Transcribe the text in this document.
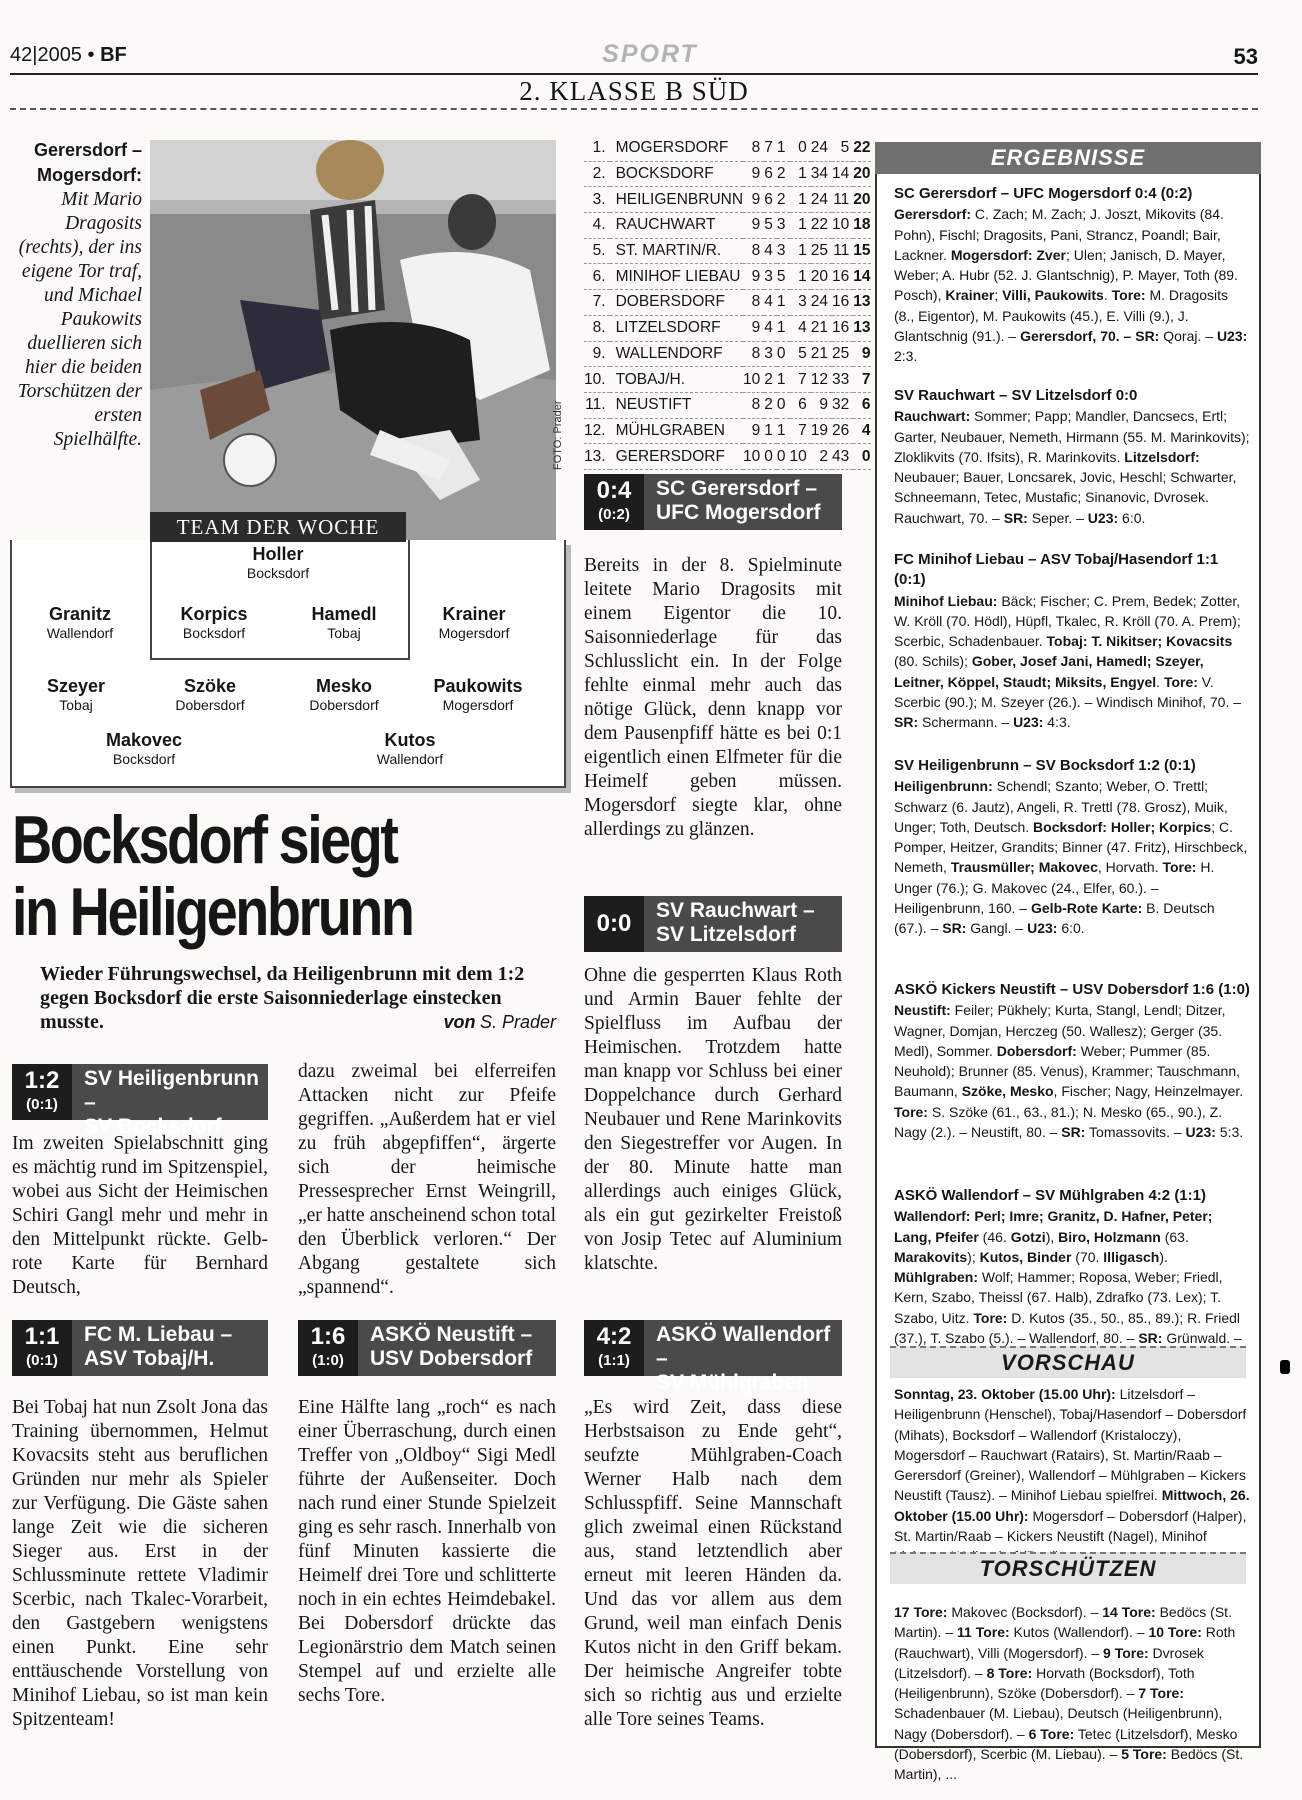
42|2005 • BF	SPORT	53
2. KLASSE B SÜD
Gerersdorf – Mogersdorf: Mit Mario Dragosits (rechts), der ins eigene Tor traf, und Michael Paukowits duellieren sich hier die beiden Torschützen der ersten Spielhälfte.	FOTO: Prader
TEAM DER WOCHE
Holler
Bocksdorf
Granitz
Wallendorf
Korpics
Bocksdorf
Hamedl
Tobaj
Krainer
Mogersdorf
Szeyer
Tobaj
Szöke
Dobersdorf
Mesko
Dobersdorf
Paukowits
Mogersdorf
Makovec
Bocksdorf
Kutos
Wallendorf
Bocksdorf siegt
in Heiligenbrunn
Wieder Führungswechsel, da Heiligenbrunn mit dem 1:2 gegen Bocksdorf die erste Saisonniederlage einstecken musste.	von S. Prader
1:2
(0:1)
SV Heiligenbrunn –
SV Bocksdorf
Im zweiten Spielabschnitt ging es mächtig rund im Spitzenspiel, wobei aus Sicht der Heimischen Schiri Gangl mehr und mehr in den Mittelpunkt rückte. Gelb-rote Karte für Bernhard Deutsch,
dazu zweimal bei elferreifen Attacken nicht zur Pfeife gegriffen. „Außerdem hat er viel zu früh abgepfiffen“, ärgerte sich der heimische Pressesprecher Ernst Weingrill, „er hatte anscheinend schon total den Überblick verloren.“ Der Abgang gestaltete sich „spannend“.
1:1
(0:1)
FC M. Liebau –
ASV Tobaj/H.
Bei Tobaj hat nun Zsolt Jona das Training übernommen, Helmut Kovacsits steht aus beruflichen Gründen nur mehr als Spieler zur Verfügung. Die Gäste sahen lange Zeit wie die sicheren Sieger aus. Erst in der Schlussminute rettete Vladimir Scerbic, nach Tkalec-Vorarbeit, den Gastgebern wenigstens einen Punkt. Eine sehr enttäuschende Vorstellung von Minihof Liebau, so ist man kein Spitzenteam!
1:6
(1:0)
ASKÖ Neustift –
USV Dobersdorf
Eine Hälfte lang „roch“ es nach einer Überraschung, durch einen Treffer von „Oldboy“ Sigi Medl führte der Außenseiter. Doch nach rund einer Stunde Spielzeit ging es sehr rasch. Innerhalb von fünf Minuten kassierte die Heimelf drei Tore und schlitterte noch in ein echtes Heimdebakel. Bei Dobersdorf drückte das Legionärstrio dem Match seinen Stempel auf und erzielte alle sechs Tore.
1.	MOGERSDORF	8	7	1	0	24	5	22
2.	BOCKSDORF	9	6	2	1	34	14	20
3.	HEILIGENBRUNN	9	6	2	1	24	11	20
4.	RAUCHWART	9	5	3	1	22	10	18
5.	ST. MARTIN/R.	8	4	3	1	25	11	15
6.	MINIHOF LIEBAU	9	3	5	1	20	16	14
7.	DOBERSDORF	8	4	1	3	24	16	13
8.	LITZELSDORF	9	4	1	4	21	16	13
9.	WALLENDORF	8	3	0	5	21	25	9
10.	TOBAJ/H.	10	2	1	7	12	33	7
11.	NEUSTIFT	8	2	0	6	9	32	6
12.	MÜHLGRABEN	9	1	1	7	19	26	4
13.	GERERSDORF	10	0	0	10	2	43	0
0:4
(0:2)
SC Gerersdorf –
UFC Mogersdorf
Bereits in der 8. Spielminute leitete Mario Dragosits mit einem Eigentor die 10. Saisonniederlage für das Schlusslicht ein. In der Folge fehlte einmal mehr auch das nötige Glück, denn knapp vor dem Pausenpfiff hätte es bei 0:1 eigentlich einen Elfmeter für die Heimelf geben müssen. Mogersdorf siegte klar, ohne allerdings zu glänzen.
0:0	SV Rauchwart –
SV Litzelsdorf
Ohne die gesperrten Klaus Roth und Armin Bauer fehlte der Spielfluss im Aufbau der Heimischen. Trotzdem hatte man knapp vor Schluss bei einer Doppelchance durch Gerhard Neubauer und Rene Marinkovits den Siegestreffer vor Augen. In der 80. Minute hatte man allerdings auch einiges Glück, als ein gut gezirkelter Freistoß von Josip Tetec auf Aluminium klatschte.
4:2
(1:1)
ASKÖ Wallendorf –
SV Mühlgraben
„Es wird Zeit, dass diese Herbstsaison zu Ende geht“, seufzte Mühlgraben-Coach Werner Halb nach dem Schlusspfiff. Seine Mannschaft glich zweimal einen Rückstand aus, stand letztendlich aber erneut mit leeren Händen da. Und das vor allem aus dem Grund, weil man einfach Denis Kutos nicht in den Griff bekam. Der heimische Angreifer tobte sich so richtig aus und erzielte alle Tore seines Teams.
ERGEBNISSE
SC Gerersdorf – UFC Mogersdorf 0:4 (0:2)
Gerersdorf: C. Zach; M. Zach; J. Joszt, Mikovits (84. Pohn), Fischl; Dragosits, Pani, Strancz, Poandl; Bair, Lackner. Mogersdorf: Zver; Ulen; Janisch, D. Mayer, Weber; A. Hubr (52. J. Glantschnig), P. Mayer, Toth (89. Posch), Krainer; Villi, Paukowits. Tore: M. Dragosits (8., Eigentor), M. Paukowits (45.), E. Villi (9.), J. Glantschnig (91.). – Gerersdorf, 70. – SR: Qoraj. – U23: 2:3.
SV Rauchwart – SV Litzelsdorf 0:0
Rauchwart: Sommer; Papp; Mandler, Dancsecs, Ertl; Garter, Neubauer, Nemeth, Hirmann (55. M. Marinkovits); Zloklikvits (70. Ifsits), R. Marinkovits. Litzelsdorf: Neubauer; Bauer, Loncsarek, Jovic, Heschl; Schwarter, Schneemann, Tetec, Mustafic; Sinanovic, Dvrosek. Rauchwart, 70. – SR: Seper. – U23: 6:0.
FC Minihof Liebau – ASV Tobaj/Hasendorf 1:1 (0:1)
Minihof Liebau: Bäck; Fischer; C. Prem, Bedek; Zotter, W. Kröll (70. Hödl), Hüpfl, Tkalec, R. Kröll (70. A. Prem); Scerbic, Schadenbauer. Tobaj: T. Nikitser; Kovacsits (80. Schils); Gober, Josef Jani, Hamedl; Szeyer, Leitner, Köppel, Staudt; Miksits, Engyel. Tore: V. Scerbic (90.); M. Szeyer (26.). – Windisch Minihof, 70. – SR: Schermann. – U23: 4:3.
SV Heiligenbrunn – SV Bocksdorf 1:2 (0:1)
Heiligenbrunn: Schendl; Szanto; Weber, O. Trettl; Schwarz (6. Jautz), Angeli, R. Trettl (78. Grosz), Muik, Unger; Toth, Deutsch. Bocksdorf: Holler; Korpics; C. Pomper, Heitzer, Grandits; Binner (47. Fritz), Hirschbeck, Nemeth, Trausmüller; Makovec, Horvath. Tore: H. Unger (76.); G. Makovec (24., Elfer, 60.). – Heiligenbrunn, 160. – Gelb-Rote Karte: B. Deutsch (67.). – SR: Gangl. – U23: 6:0.
ASKÖ Kickers Neustift – USV Dobersdorf 1:6 (1:0)
Neustift: Feiler; Pükhely; Kurta, Stangl, Lendl; Ditzer, Wagner, Domjan, Herczeg (50. Wallesz); Gerger (35. Medl), Sommer. Dobersdorf: Weber; Pummer (85. Neuhold); Brunner (85. Venus), Krammer; Tauschmann, Baumann, Szöke, Mesko, Fischer; Nagy, Heinzelmayer. Tore: S. Szöke (61., 63., 81.); N. Mesko (65., 90.), Z. Nagy (2.). – Neustift, 80. – SR: Tomassovits. – U23: 5:3.
ASKÖ Wallendorf – SV Mühlgraben 4:2 (1:1)
Wallendorf: Perl; Imre; Granitz, D. Hafner, Peter; Lang, Pfeifer (46. Gotzi), Biro, Holzmann (63. Marakovits); Kutos, Binder (70. Illigasch). Mühlgraben: Wolf; Hammer; Roposa, Weber; Friedl, Kern, Szabo, Theissl (67. Halb), Zdrafko (73. Lex); T. Szabo, Uitz. Tore: D. Kutos (35., 50., 85., 89.); R. Friedl (37.), T. Szabo (5.). – Wallendorf, 80. – SR: Grünwald. –
VORSCHAU
Sonntag, 23. Oktober (15.00 Uhr): Litzelsdorf – Heiligenbrunn (Henschel), Tobaj/Hasendorf – Dobersdorf (Mihats), Bocksdorf – Wallendorf (Kristaloczy), Mogersdorf – Rauchwart (Ratairs), St. Martin/Raab – Gerersdorf (Greiner), Wallendorf – Mühlgraben – Kickers Neustift (Tausz). – Minihof Liebau spielfrei. Mittwoch, 26. Oktober (15.00 Uhr): Mogersdorf – Dobersdorf (Halper), St. Martin/Raab – Kickers Neustift (Nagel), Minihof
TORSCHÜTZEN
17 Tore: Makovec (Bocksdorf). – 14 Tore: Bedöcs (St. Martin). – 11 Tore: Kutos (Wallendorf). – 10 Tore: Roth (Rauchwart), Villi (Mogersdorf). – 9 Tore: Dvrosek (Litzelsdorf). – 8 Tore: Horvath (Bocksdorf), Toth (Heiligenbrunn), Szöke (Dobersdorf). – 7 Tore: Schadenbauer (M. Liebau), Deutsch (Heiligenbrunn), Nagy (Dobersdorf). – 6 Tore: Tetec (Litzelsdorf), Mesko (Dobersdorf), Scerbic (M. Liebau). – 5 Tore: Bedöcs (St. Martin), ...
